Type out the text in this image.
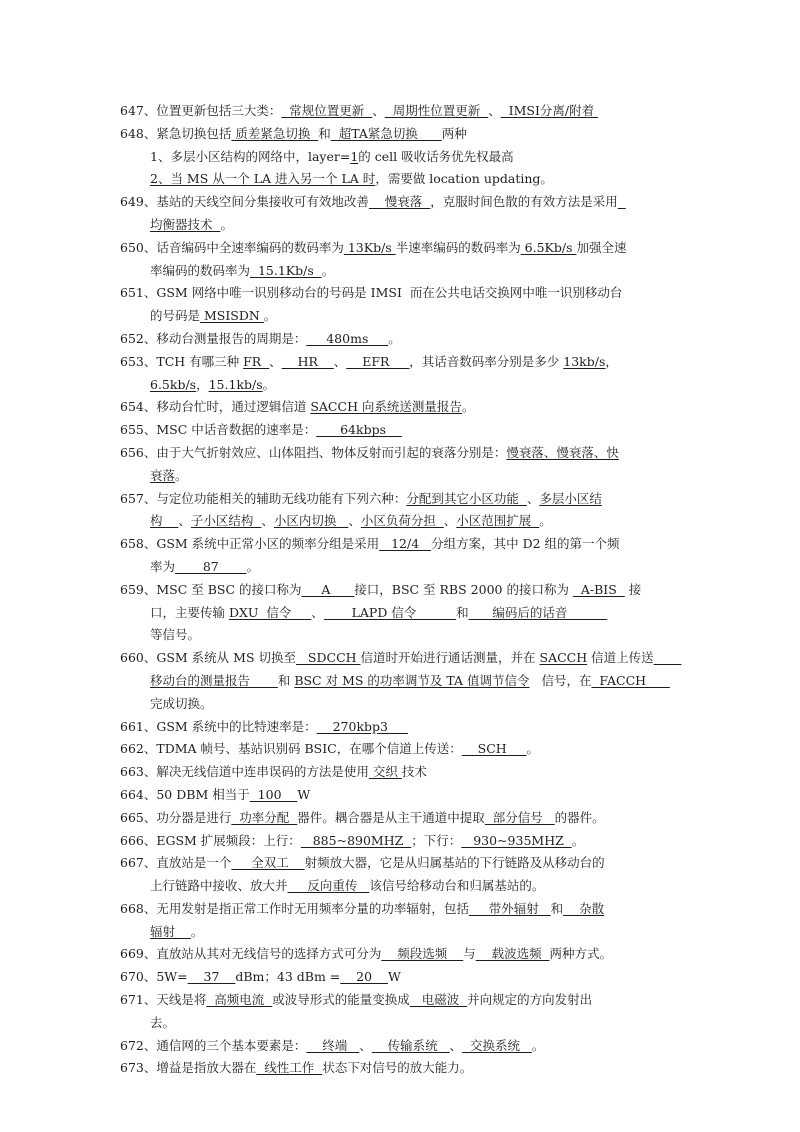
647、位置更新包括三大类：  常规位置更新  、  周期性位置更新  、  IMSI分离/附着
648、紧急切换包括 质差紧急切换  和  超TA紧急切换      两种
1、多层小区结构的网络中，layer=1的 cell 吸收话务优先权最高
2、当 MS 从一个 LA 进入另一个 LA 时，需要做 location updating。
649、基站的天线空间分集接收可有效地改善    慢衰落  ，克服时间色散的有效方法是采用
均衡器技术  。
650、话音编码中全速率编码的数码率为 13Kb/s 半速率编码的数码率为 6.5Kb/s 加强全速
率编码的数码率为  15.1Kb/s  。
651、GSM 网络中唯一识别移动台的号码是 IMSI  而在公共电话交换网中唯一识别移动台
的号码是 MSISDN 。
652、移动台测量报告的周期是：     480ms     。
653、TCH 有哪三种 FR  、    HR    、    EFR     ，其话音数码率分别是多少 13kb/s，
6.5kb/s，15.1kb/s。
654、移动台忙时，通过逻辑信道 SACCH 向系统送测量报告。
655、MSC 中话音数据的速率是：      64kbps
656、由于大气折射效应、山体阻挡、物体反射而引起的衰落分别是：慢衰落、慢衰落、快
衰落。
657、与定位功能相关的辅助无线功能有下列六种：分配到其它小区功能  、多层小区结
构    、子小区结构  、小区内切换   、小区负荷分担  、小区范围扩展  。
658、GSM 系统中正常小区的频率分组是采用   12/4   分组方案，其中 D2 组的第一个频
率为       87       。
659、MSC 至 BSC 的接口称为     A      接口，BSC 至 RBS 2000 的接口称为   A-BIS   接
口，主要传输 DXU  信令     、       LAPD 信令          和      编码后的话音
等信号。
660、GSM 系统从 MS 切换至   SDCCH 信道时开始进行通话测量，并在 SACCH 信道上传送
移动台的测量报告       和 BSC 对 MS 的功率调节及 TA 值调节信令   信号，在  FACCH
完成切换。
661、GSM 系统中的比特速率是：    270kbp3
662、TDMA 帧号、基站识别码 BSIC，在哪个信道上传送：    SCH     。
663、解决无线信道中连串误码的方法是使用 交织 技术
664、50 DBM 相当于  100    W
665、功分器是进行  功率分配  器件。耦合器是从主干通道中提取  部分信号   的器件。
666、EGSM 扩展频段：上行：   885~890MHZ  ；下行：   930~935MHZ  。
667、直放站是一个     全双工    射频放大器，它是从归属基站的下行链路及从移动台的
上行链路中接收、放大并     反向重传   该信号给移动台和归属基站的。
668、无用发射是指正常工作时无用频率分量的功率辐射，包括     带外辐射   和    杂散
辐射    。
669、直放站从其对无线信号的选择方式可分为    频段选频    与    载波选频  两种方式。
670、5W=    37    dBm；43 dBm =    20    W
671、天线是将  高频电流  或波导形式的能量变换成   电磁波  并向规定的方向发射出
去。
672、通信网的三个基本要素是：    终端   、    传输系统   、  交换系统   。
673、增益是指放大器在  线性工作  状态下对信号的放大能力。
